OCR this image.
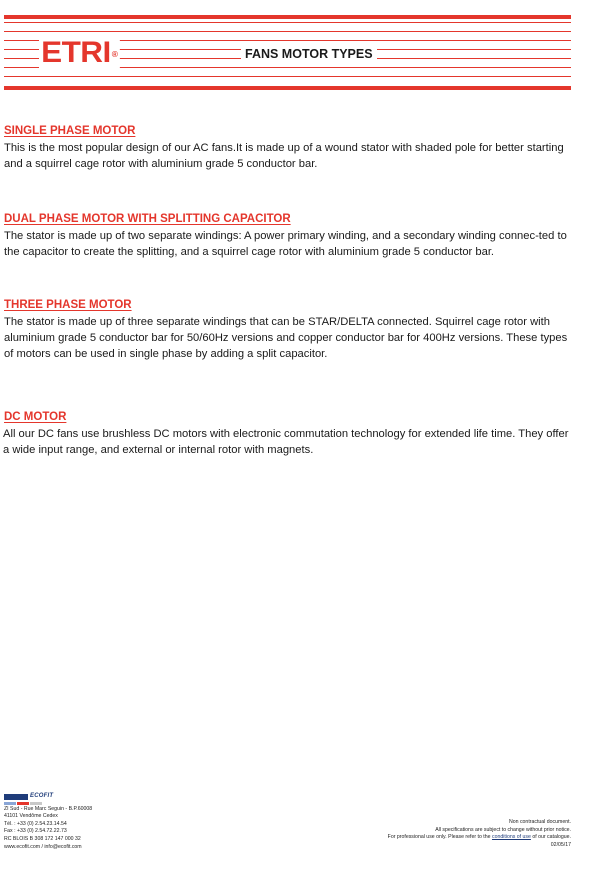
ETRI®	FANS MOTOR TYPES
SINGLE PHASE MOTOR
This is the most popular design of our AC fans.It is made up of a wound stator with shaded pole for better starting and a squirrel cage rotor with aluminium grade 5 conductor bar.
DUAL PHASE MOTOR WITH SPLITTING CAPACITOR
The stator is made up of two separate windings: A power primary winding, and a secondary winding connec-ted to the capacitor to create the splitting, and a squirrel cage rotor with aluminium grade 5 conductor bar.
THREE PHASE MOTOR
The stator is made up of three separate windings that can be STAR/DELTA connected. Squirrel cage rotor with aluminium grade 5 conductor bar for 50/60Hz versions and copper conductor bar for 400Hz versions. These types of motors can be used in single phase by adding a split capacitor.
DC MOTOR
All our DC fans use brushless DC motors with electronic commutation technology for extended life time. They offer a wide input range, and external or internal rotor with magnets.
ECOFIT
ZI Sud - Rue Marc Seguin - B.P.60008
41101 Vendôme Cedex
Tél. : +33 (0) 2.54.23.14.54
Fax : +33 (0) 2.54.72.22.73
RC BLOIS B 308 172 147 000 32
www.ecofit.com / info@ecofit.com
Non contractual document.
All specifications are subject to change without prior notice.
For professional use only. Please refer to the conditions of use of our catalogue.
02/05/17
